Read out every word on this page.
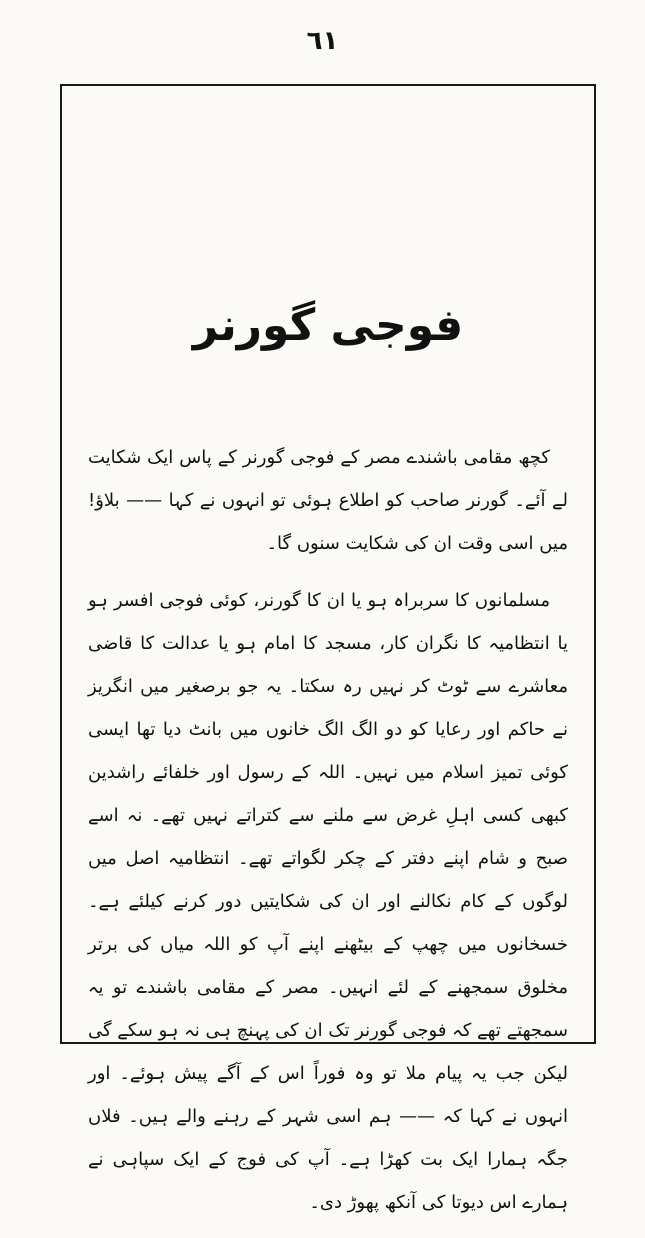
٦١
فوجی گورنر

کچھ مقامی باشندے مصر کے فوجی گورنر کے پاس ایک شکایت لے آئے۔ گورنر صاحب کو اطلاع ہوئی تو انہوں نے کہا —— بلاؤ! میں اسی وقت ان کی شکایت سنوں گا۔

مسلمانوں کا سربراہ ہو یا ان کا گورنر، کوئی فوجی افسر ہو یا انتظامیہ کا نگران کار، مسجد کا امام ہو یا عدالت کا قاضی معاشرے سے ٹوٹ کر نہیں رہ سکتا۔ یہ جو برصغیر میں انگریز نے حاکم اور رعایا کو دو الگ الگ خانوں میں بانٹ دیا تھا ایسی کوئی تمیز اسلام میں نہیں۔ اللہ کے رسول اور خلفائے راشدین کبھی کسی اہلِ غرض سے ملنے سے کتراتے نہیں تھے۔ نہ اسے صبح و شام اپنے دفتر کے چکر لگواتے تھے۔ انتظامیہ اصل میں لوگوں کے کام نکالنے اور ان کی شکایتیں دور کرنے کیلئے ہے۔ خسخانوں میں چھپ کے بیٹھنے اپنے آپ کو اللہ میاں کی برتر مخلوق سمجھنے کے لئے انہیں۔ مصر کے مقامی باشندے تو یہ سمجھتے تھے کہ فوجی گورنر تک ان کی پہنچ ہی نہ ہو سکے گی لیکن جب یہ پیام ملا تو وہ فوراً اس کے آگے پیش ہوئے۔ اور انہوں نے کہا کہ —— ہم اسی شہر کے رہنے والے ہیں۔ فلاں جگہ ہمارا ایک بت کھڑا ہے۔ آپ کی فوج کے ایک سپاہی نے ہمارے اس دیوتا کی آنکھ پھوڑ دی۔
